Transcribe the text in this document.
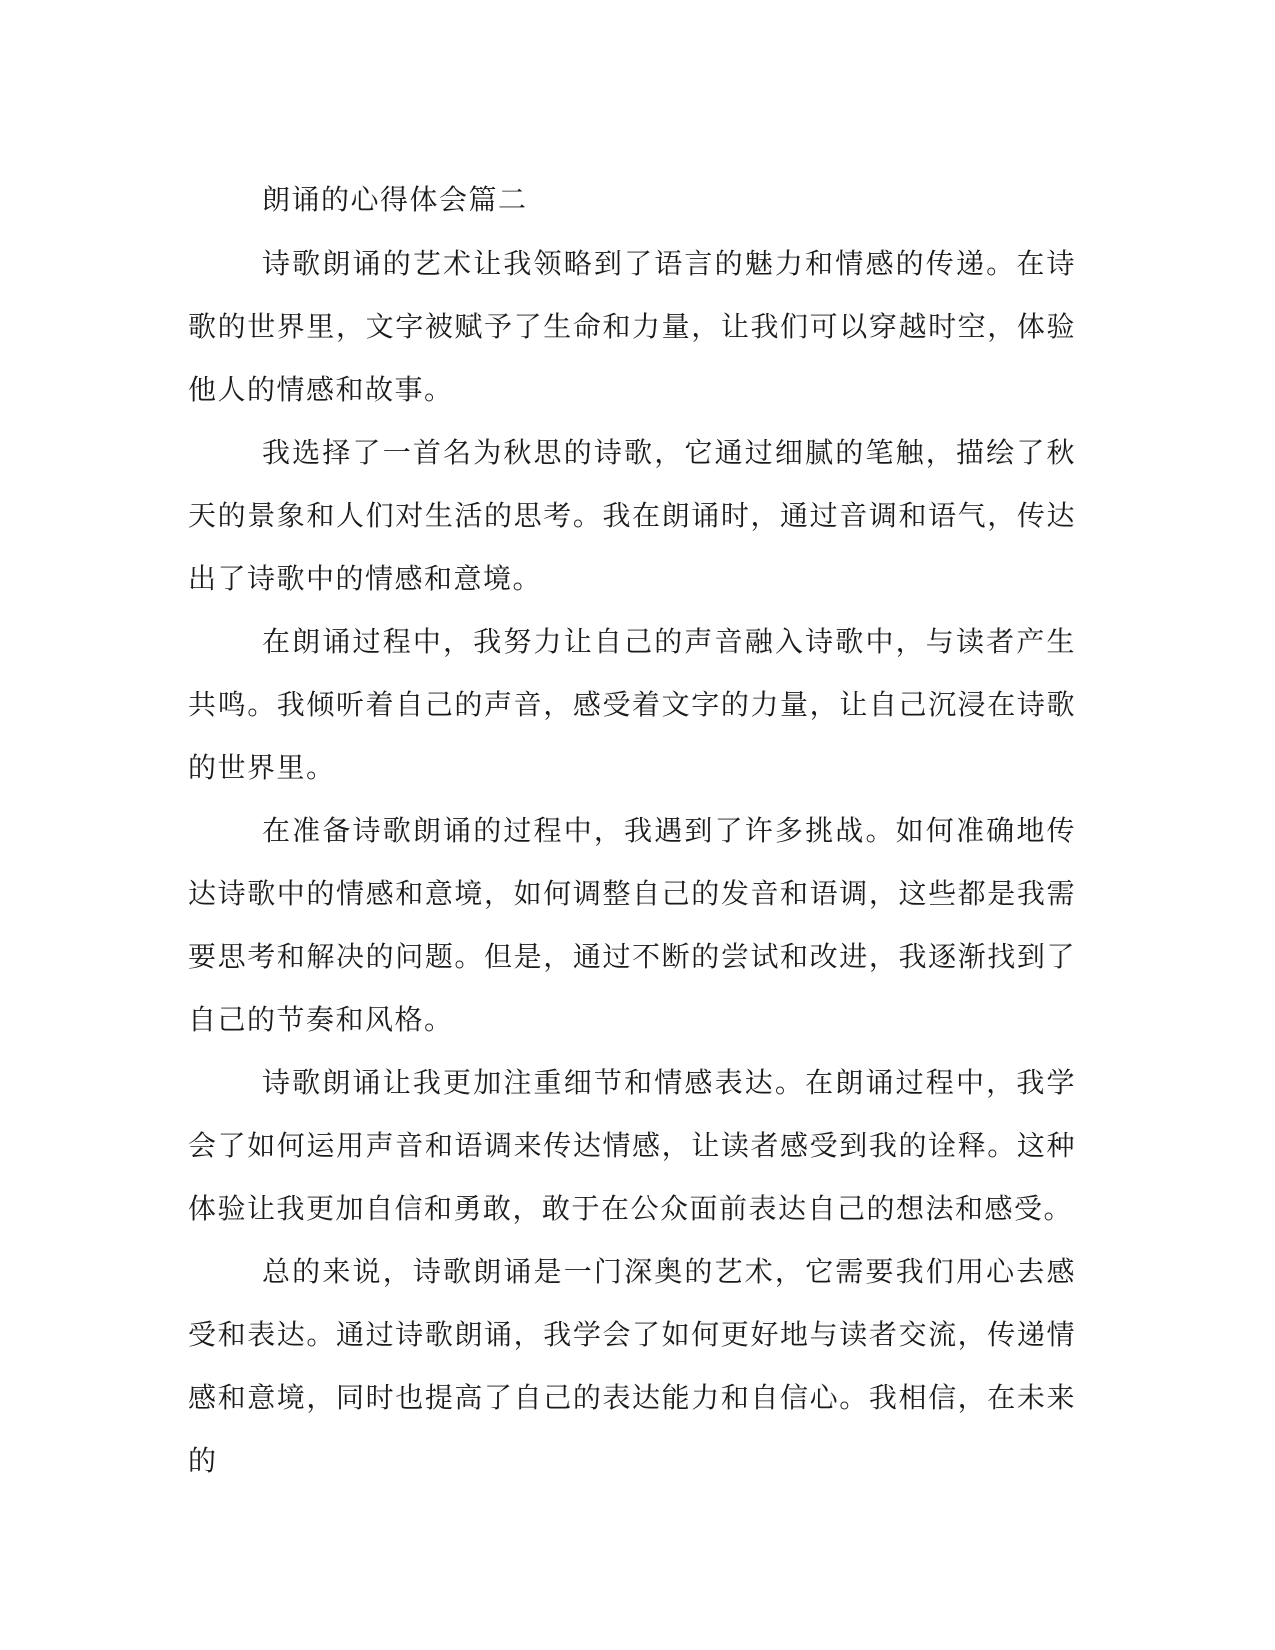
朗诵的心得体会篇二

诗歌朗诵的艺术让我领略到了语言的魅力和情感的传递。在诗歌的世界里，文字被赋予了生命和力量，让我们可以穿越时空，体验他人的情感和故事。

我选择了一首名为秋思的诗歌，它通过细腻的笔触，描绘了秋天的景象和人们对生活的思考。我在朗诵时，通过音调和语气，传达出了诗歌中的情感和意境。

在朗诵过程中，我努力让自己的声音融入诗歌中，与读者产生共鸣。我倾听着自己的声音，感受着文字的力量，让自己沉浸在诗歌的世界里。

在准备诗歌朗诵的过程中，我遇到了许多挑战。如何准确地传达诗歌中的情感和意境，如何调整自己的发音和语调，这些都是我需要思考和解决的问题。但是，通过不断的尝试和改进，我逐渐找到了自己的节奏和风格。

诗歌朗诵让我更加注重细节和情感表达。在朗诵过程中，我学会了如何运用声音和语调来传达情感，让读者感受到我的诠释。这种体验让我更加自信和勇敢，敢于在公众面前表达自己的想法和感受。

总的来说，诗歌朗诵是一门深奥的艺术，它需要我们用心去感受和表达。通过诗歌朗诵，我学会了如何更好地与读者交流，传递情感和意境，同时也提高了自己的表达能力和自信心。我相信，在未来的
